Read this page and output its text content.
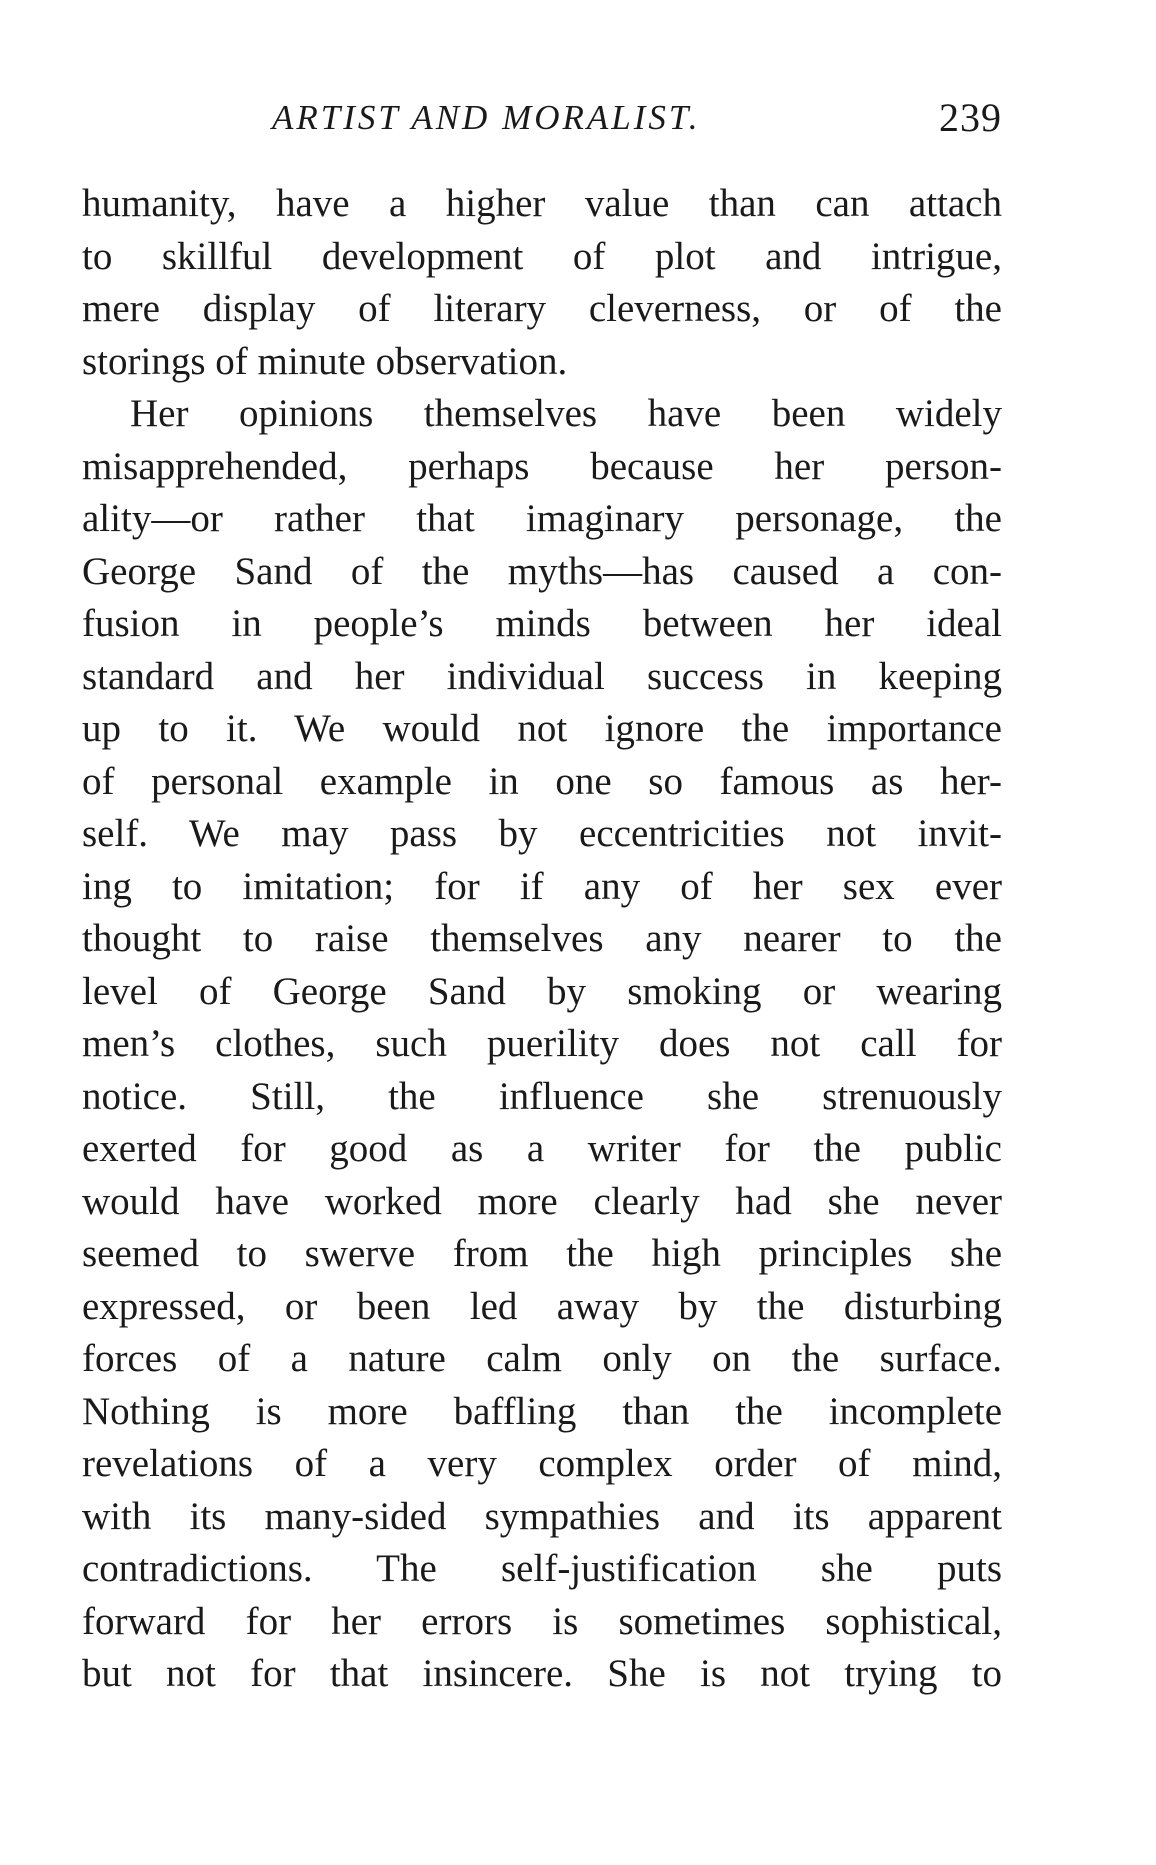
ARTIST AND MORALIST.	239
humanity, have a higher value than can attach
to skillful development of plot and intrigue,
mere display of literary cleverness, or of the
storings of minute observation.
Her opinions themselves have been widely
misapprehended, perhaps because her person-
ality—or rather that imaginary personage, the
George Sand of the myths—has caused a con-
fusion in people’s minds between her ideal
standard and her individual success in keeping
up to it. We would not ignore the importance
of personal example in one so famous as her-
self. We may pass by eccentricities not invit-
ing to imitation; for if any of her sex ever
thought to raise themselves any nearer to the
level of George Sand by smoking or wearing
men’s clothes, such puerility does not call for
notice. Still, the influence she strenuously
exerted for good as a writer for the public
would have worked more clearly had she never
seemed to swerve from the high principles she
expressed, or been led away by the disturbing
forces of a nature calm only on the surface.
Nothing is more baffling than the incomplete
revelations of a very complex order of mind,
with its many-sided sympathies and its apparent
contradictions. The self-justification she puts
forward for her errors is sometimes sophistical,
but not for that insincere. She is not trying to
